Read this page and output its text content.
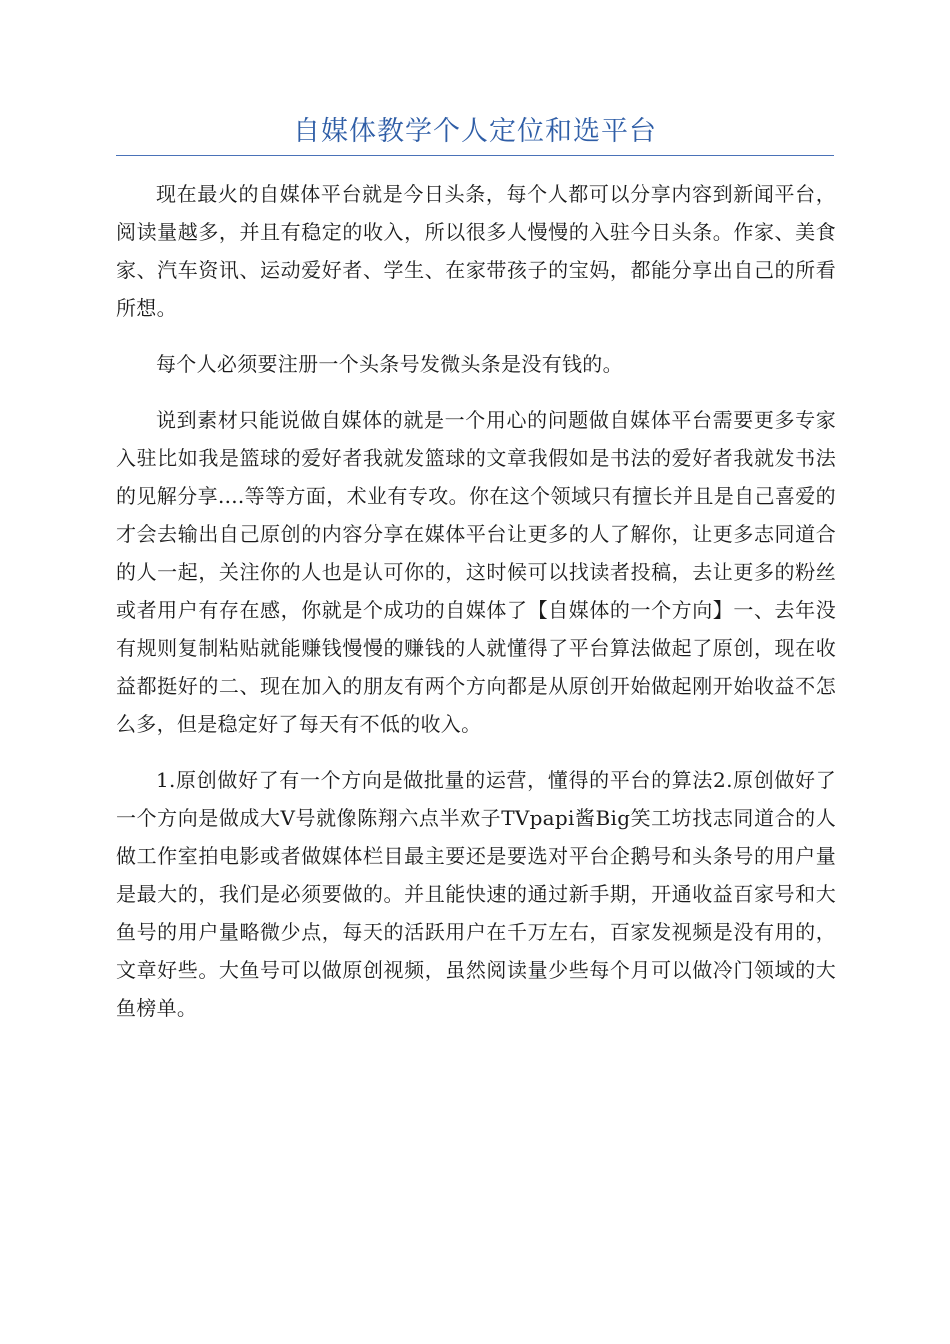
自媒体教学个人定位和选平台

现在最火的自媒体平台就是今日头条，每个人都可以分享内容到新闻平台，阅读量越多，并且有稳定的收入，所以很多人慢慢的入驻今日头条。作家、美食家、汽车资讯、运动爱好者、学生、在家带孩子的宝妈，都能分享出自己的所看所想。

每个人必须要注册一个头条号发微头条是没有钱的。

说到素材只能说做自媒体的就是一个用心的问题做自媒体平台需要更多专家入驻比如我是篮球的爱好者我就发篮球的文章我假如是书法的爱好者我就发书法的见解分享....等等方面，术业有专攻。你在这个领域只有擅长并且是自己喜爱的才会去输出自己原创的内容分享在媒体平台让更多的人了解你，让更多志同道合的人一起，关注你的人也是认可你的，这时候可以找读者投稿，去让更多的粉丝或者用户有存在感，你就是个成功的自媒体了【自媒体的一个方向】一、去年没有规则复制粘贴就能赚钱慢慢的赚钱的人就懂得了平台算法做起了原创，现在收益都挺好的二、现在加入的朋友有两个方向都是从原创开始做起刚开始收益不怎么多，但是稳定好了每天有不低的收入。

1.原创做好了有一个方向是做批量的运营，懂得的平台的算法2.原创做好了一个方向是做成大V号就像陈翔六点半欢子TVpapi酱Big笑工坊找志同道合的人做工作室拍电影或者做媒体栏目最主要还是要选对平台企鹅号和头条号的用户量是最大的，我们是必须要做的。并且能快速的通过新手期，开通收益百家号和大鱼号的用户量略微少点，每天的活跃用户在千万左右，百家发视频是没有用的，文章好些。大鱼号可以做原创视频，虽然阅读量少些每个月可以做冷门领域的大鱼榜单。
